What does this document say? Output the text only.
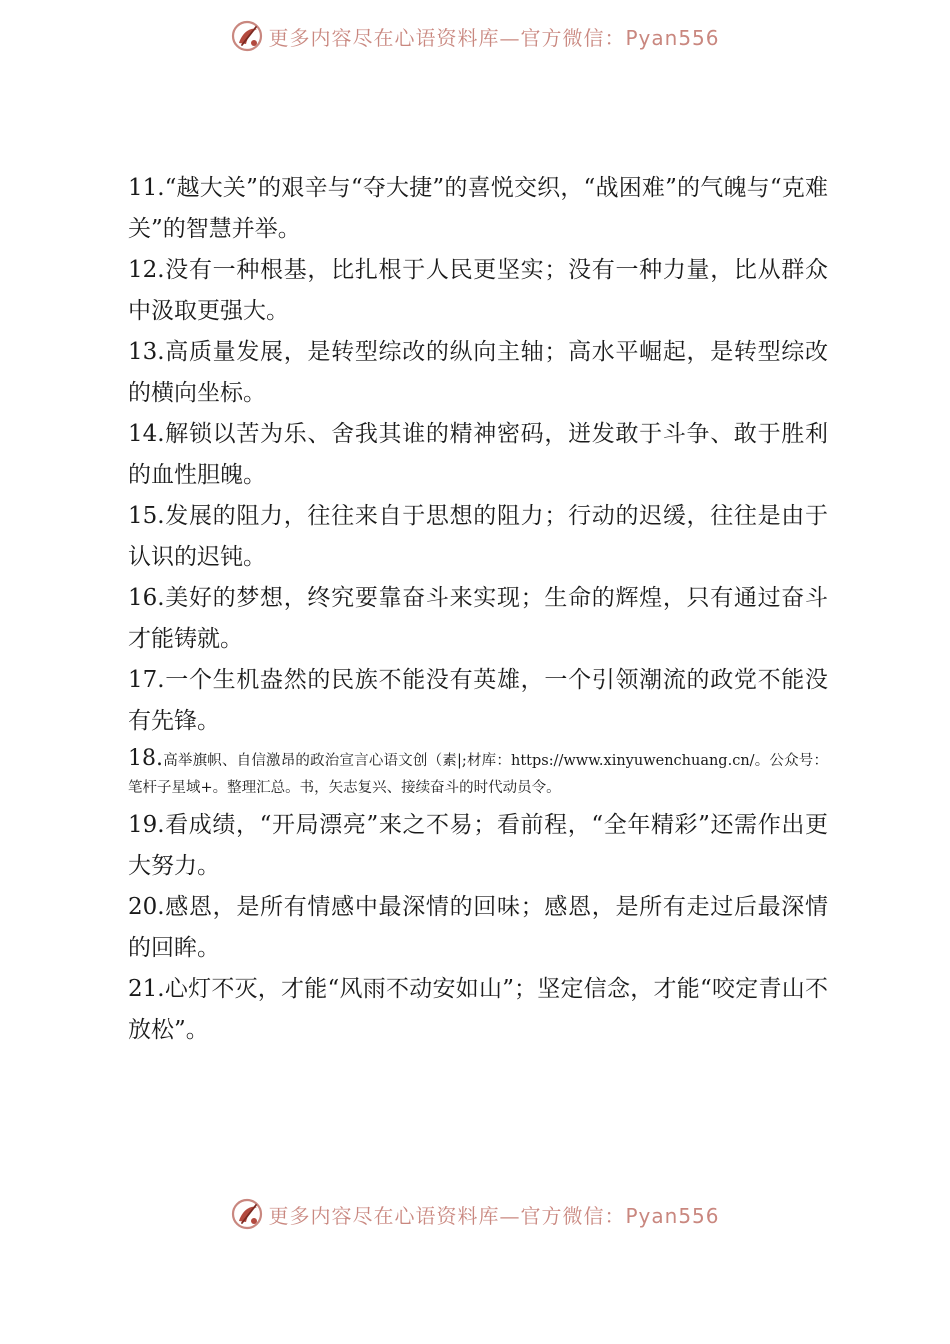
更多内容尽在心语资料库—官方微信：Pyan556

11.“越大关”的艰辛与“夺大捷”的喜悦交织，“战困难”的气魄与“克难关”的智慧并举。

12.没有一种根基，比扎根于人民更坚实；没有一种力量，比从群众中汲取更强大。

13.高质量发展，是转型综改的纵向主轴；高水平崛起，是转型综改的横向坐标。

14.解锁以苦为乐、舍我其谁的精神密码，迸发敢于斗争、敢于胜利的血性胆魄。

15.发展的阻力，往往来自于思想的阻力；行动的迟缓，往往是由于认识的迟钝。

16.美好的梦想，终究要靠奋斗来实现；生命的辉煌，只有通过奋斗才能铸就。

17.一个生机盎然的民族不能没有英雄，一个引领潮流的政党不能没有先锋。

18.高举旗帜、自信激昂的政治宣言心语文创（素|;材库：https://www.xinyuwenchuang.cn/。公众号：笔杆子星域+。整理汇总。书，矢志复兴、接续奋斗的时代动员令。

19.看成绩，“开局漂亮”来之不易；看前程，“全年精彩”还需作出更大努力。

20.感恩，是所有情感中最深情的回味；感恩，是所有走过后最深情的回眸。

21.心灯不灭，才能“风雨不动安如山”；坚定信念，才能“咬定青山不放松”。

更多内容尽在心语资料库—官方微信：Pyan556
